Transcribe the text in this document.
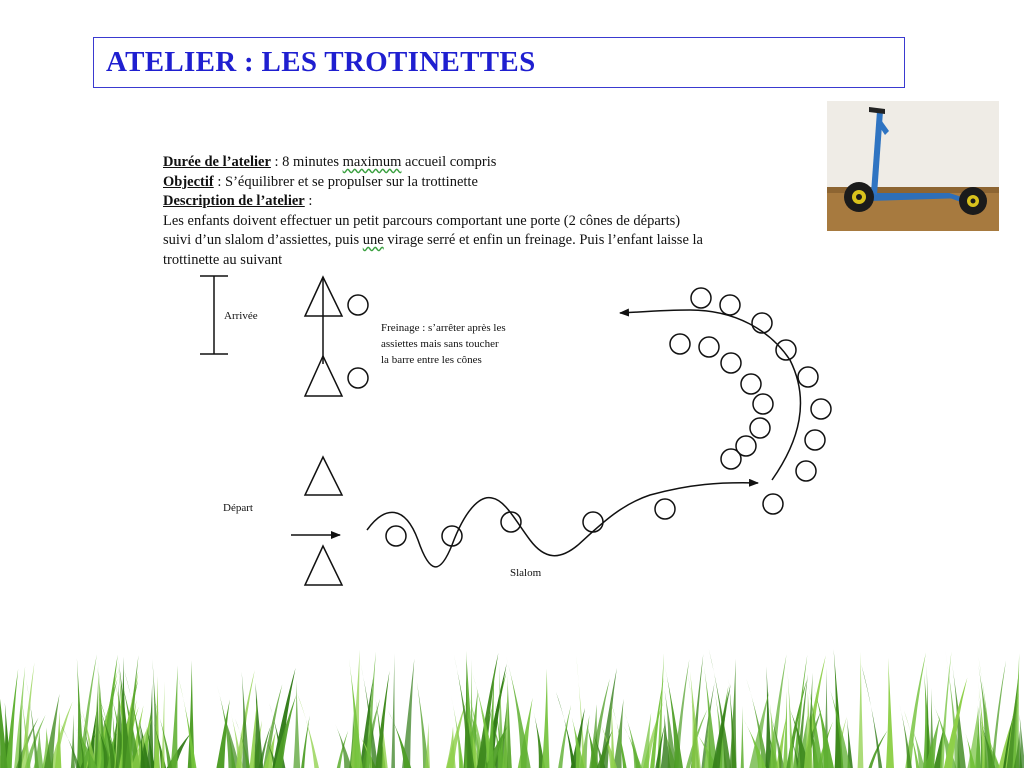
ATELIER : LES TROTINETTES
Durée de l’atelier : 8 minutes maximum accueil compris
Objectif : S’équilibrer et se propulser sur la trottinette
Description de l’atelier :
Les enfants doivent effectuer un petit parcours comportant une porte (2 cônes de départs)
suivi d’un slalom d’assiettes, puis une virage serré et enfin un freinage. Puis l’enfant laisse la
trottinette au suivant
Arrivée
Freinage : s’arrêter après les assiettes mais sans toucher la barre entre les cônes
Départ
Slalom
